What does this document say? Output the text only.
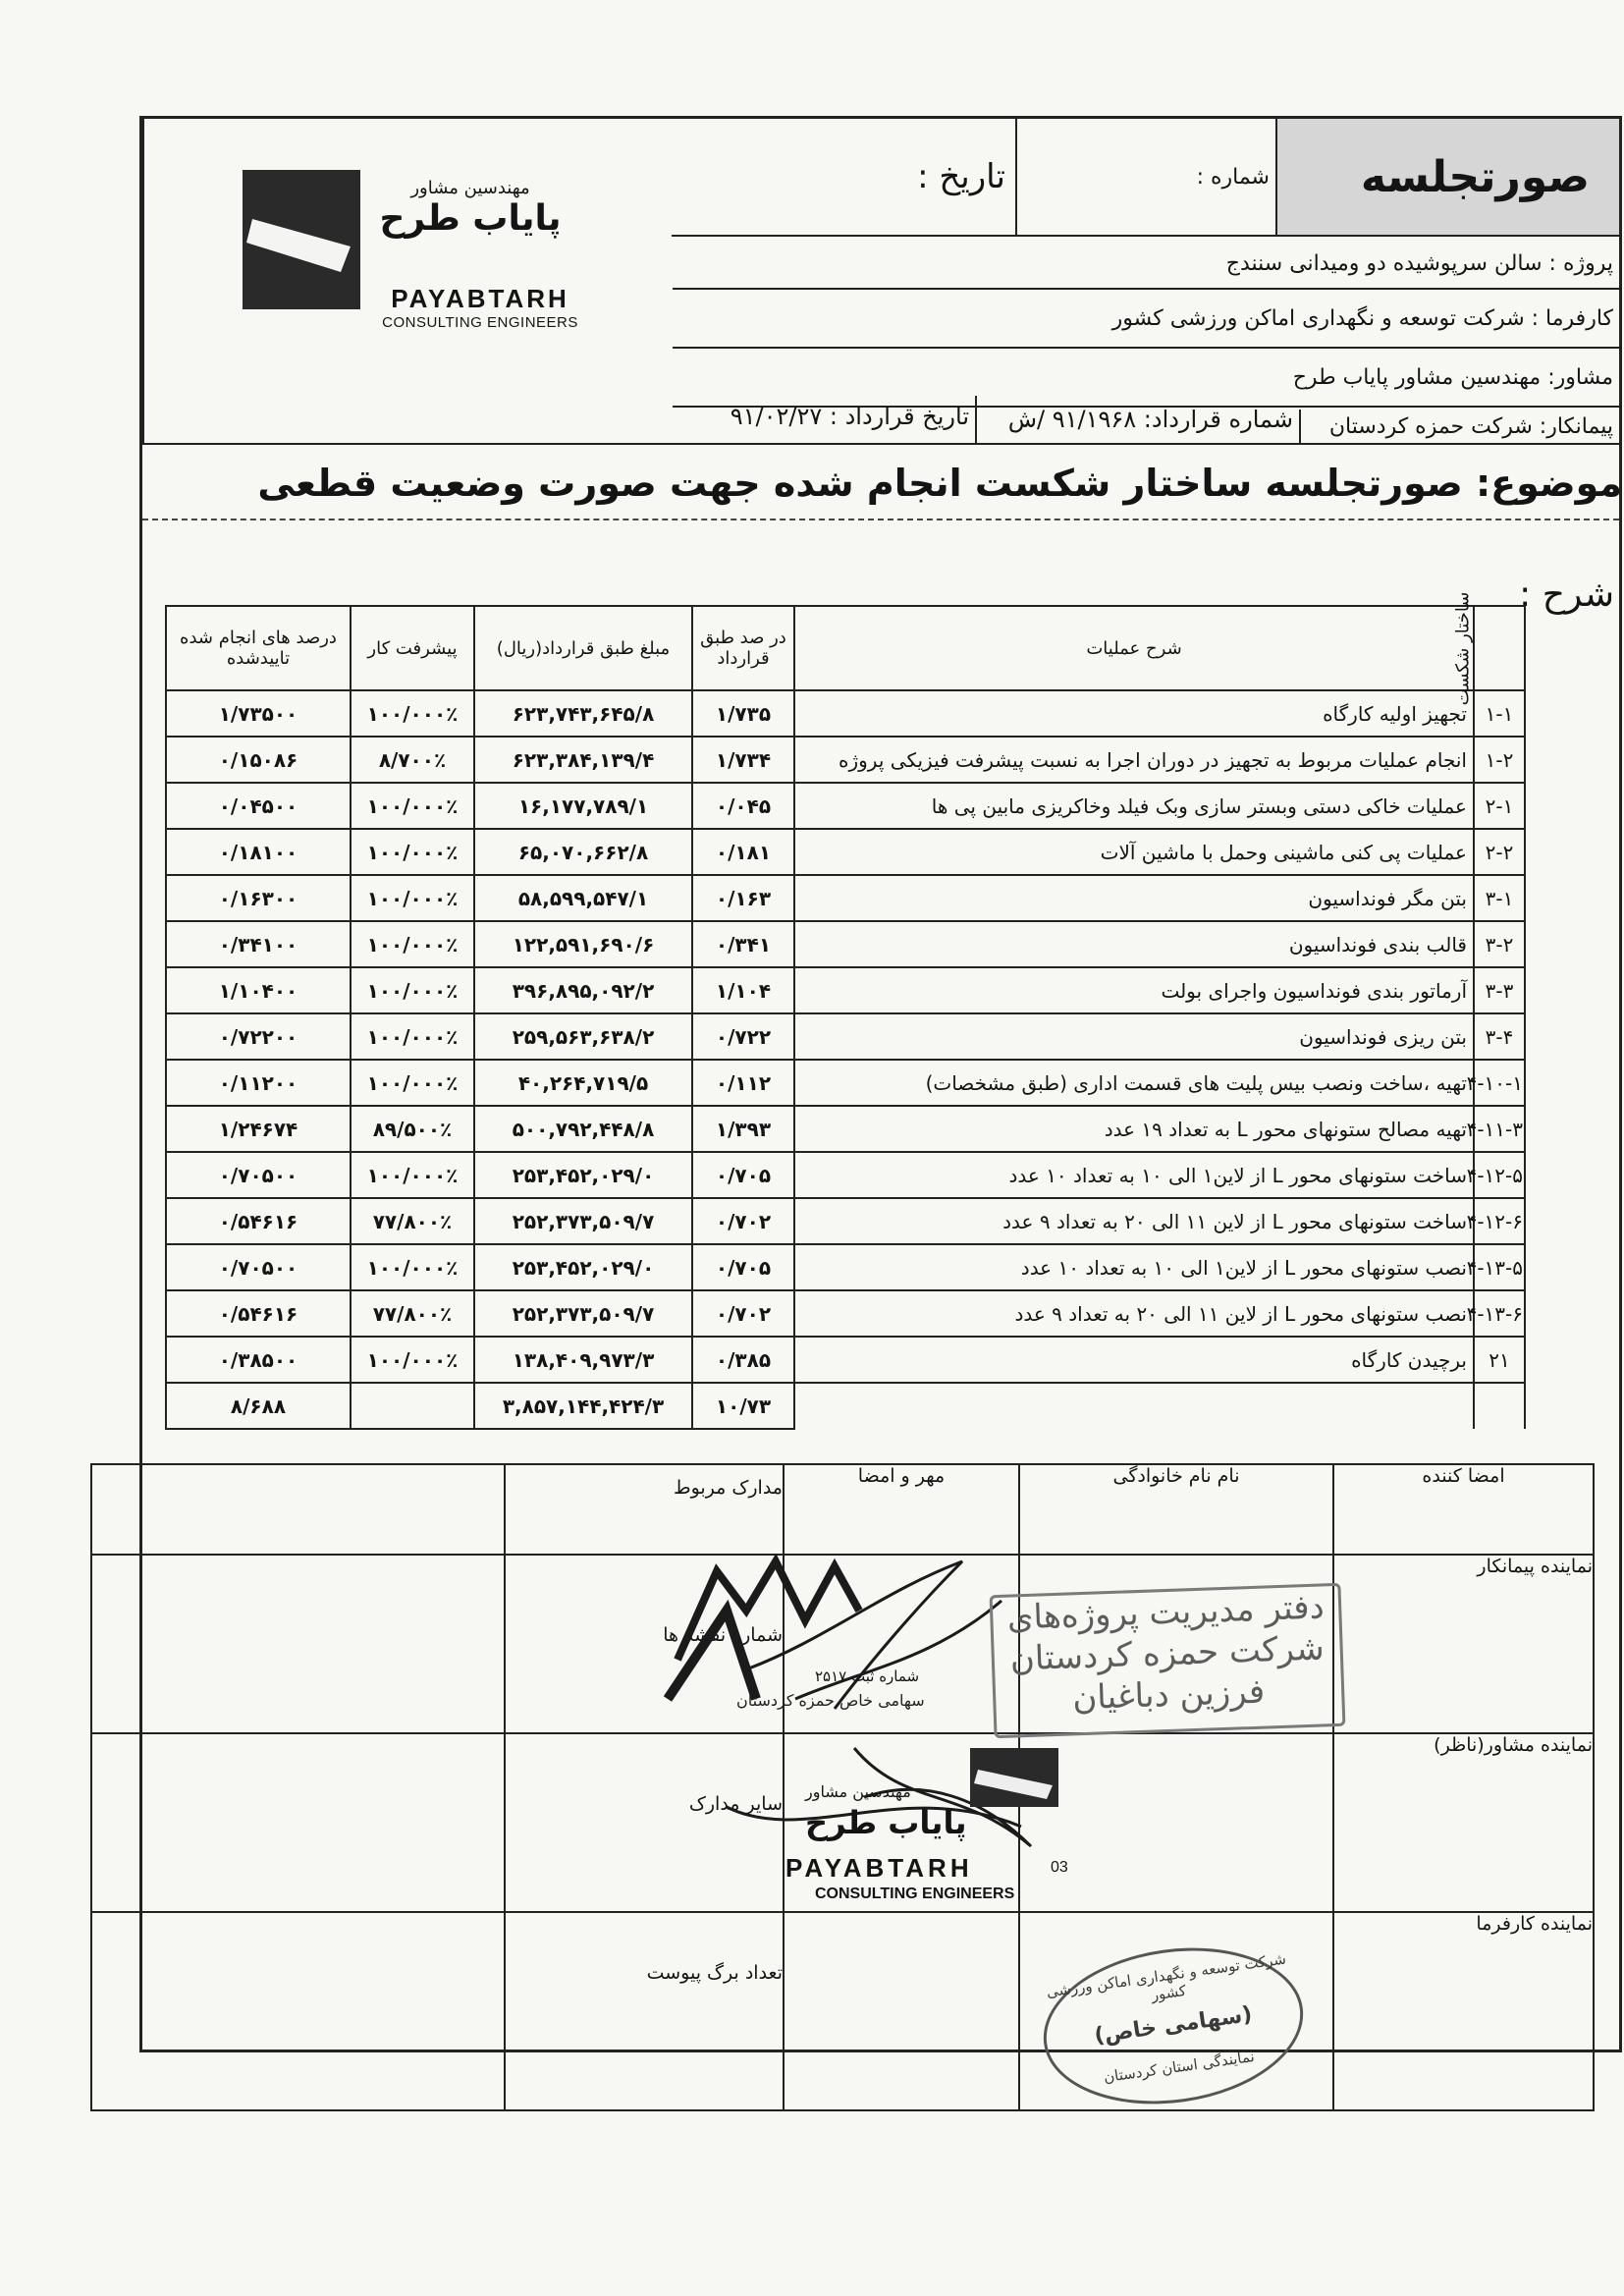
صورتجلسه
شماره :
تاریخ :
پروژه : سالن سرپوشیده دو ومیدانی سنندج
کارفرما : شرکت توسعه و نگهداری اماکن ورزشی کشور
مشاور: مهندسین مشاور پایاب طرح
پیمانکار: شرکت حمزه کردستان
شماره قرارداد: ۹۱/۱۹۶۸ /ش
تاریخ قرارداد : ۹۱/۰۲/۲۷
مهندسین مشاور
پایاب طرح
PAYABTARH
CONSULTING ENGINEERS
موضوع: صورتجلسه ساختار شکست انجام شده جهت صورت وضعیت قطعی
شرح :
ساختار شکست	شرح عملیات	در صد طبق قرارداد	مبلغ طبق قرارداد(ریال)	پیشرفت کار	درصد های انجام شده تاییدشده
۱-۱	تجهیز اولیه کارگاه	۱/۷۳۵	۶۲۳,۷۴۳,۶۴۵/۸	۱۰۰/۰۰۰٪	۱/۷۳۵۰۰
۱-۲	انجام عملیات مربوط به تجهیز در دوران اجرا به نسبت پیشرفت فیزیکی پروژه	۱/۷۳۴	۶۲۳,۳۸۴,۱۳۹/۴	۸/۷۰۰٪	۰/۱۵۰۸۶
۲-۱	عملیات خاکی دستی وبستر سازی وبک فیلد وخاکریزی مابین پی ها	۰/۰۴۵	۱۶,۱۷۷,۷۸۹/۱	۱۰۰/۰۰۰٪	۰/۰۴۵۰۰
۲-۲	عملیات پی کنی ماشینی وحمل با ماشین آلات	۰/۱۸۱	۶۵,۰۷۰,۶۶۲/۸	۱۰۰/۰۰۰٪	۰/۱۸۱۰۰
۳-۱	بتن مگر فونداسیون	۰/۱۶۳	۵۸,۵۹۹,۵۴۷/۱	۱۰۰/۰۰۰٪	۰/۱۶۳۰۰
۳-۲	قالب بندی فونداسیون	۰/۳۴۱	۱۲۲,۵۹۱,۶۹۰/۶	۱۰۰/۰۰۰٪	۰/۳۴۱۰۰
۳-۳	آرماتور بندی فونداسیون واجرای بولت	۱/۱۰۴	۳۹۶,۸۹۵,۰۹۲/۲	۱۰۰/۰۰۰٪	۱/۱۰۴۰۰
۳-۴	بتن ریزی فونداسیون	۰/۷۲۲	۲۵۹,۵۶۳,۶۳۸/۲	۱۰۰/۰۰۰٪	۰/۷۲۲۰۰
۴-۱۰-۱	تهیه ،ساخت ونصب بیس پلیت های قسمت اداری (طبق مشخصات)	۰/۱۱۲	۴۰,۲۶۴,۷۱۹/۵	۱۰۰/۰۰۰٪	۰/۱۱۲۰۰
۴-۱۱-۳	تهیه مصالح ستونهای محور L به تعداد ۱۹ عدد	۱/۳۹۳	۵۰۰,۷۹۲,۴۴۸/۸	۸۹/۵۰۰٪	۱/۲۴۶۷۴
۴-۱۲-۵	ساخت ستونهای محور L از لاین۱ الی ۱۰ به تعداد ۱۰ عدد	۰/۷۰۵	۲۵۳,۴۵۲,۰۲۹/۰	۱۰۰/۰۰۰٪	۰/۷۰۵۰۰
۴-۱۲-۶	ساخت ستونهای محور L از لاین ۱۱ الی ۲۰ به تعداد ۹ عدد	۰/۷۰۲	۲۵۲,۳۷۳,۵۰۹/۷	۷۷/۸۰۰٪	۰/۵۴۶۱۶
۴-۱۳-۵	نصب ستونهای محور L از لاین۱ الی ۱۰ به تعداد ۱۰ عدد	۰/۷۰۵	۲۵۳,۴۵۲,۰۲۹/۰	۱۰۰/۰۰۰٪	۰/۷۰۵۰۰
۴-۱۳-۶	نصب ستونهای محور L از لاین ۱۱ الی ۲۰ به تعداد ۹ عدد	۰/۷۰۲	۲۵۲,۳۷۳,۵۰۹/۷	۷۷/۸۰۰٪	۰/۵۴۶۱۶
۲۱	برچیدن کارگاه	۰/۳۸۵	۱۳۸,۴۰۹,۹۷۳/۳	۱۰۰/۰۰۰٪	۰/۳۸۵۰۰
		۱۰/۷۳	۳,۸۵۷,۱۴۴,۴۲۴/۳		۸/۶۸۸
امضا کننده	نام نام خانوادگی	مهر و امضا	مدارک مربوط	
نماینده پیمانکار			شماره نقشه ها	
نماینده مشاور(ناظر)			سایر مدارک	
نماینده کارفرما			تعداد برگ پیوست	
شماره ثبت ۲۵۱۷
سهامی خاص حمزه کردستان
مهندسین مشاور
پایاب طرح
PAYABTARH
CONSULTING ENGINEERS
03
دفتر مدیریت پروژه‌های
شرکت حمزه کردستان
فرزین دباغیان
شرکت توسعه و نگهداری اماکن ورزشی کشور
(سهامی خاص)
نمایندگی استان کردستان
